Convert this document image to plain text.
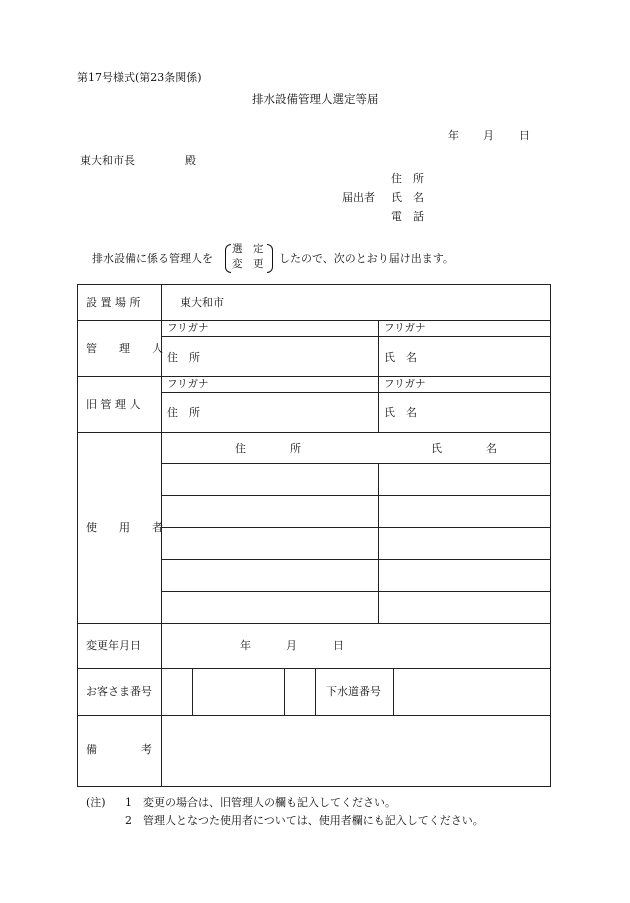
第17号様式(第23条関係)
排水設備管理人選定等届
年 月 日
東大和市長	殿
住　所
届出者 氏　名
電　話
排水設備に係る管理人を
選　定
変　更 したので、次のとおり届け出ます。
設 置 場 所	東大和市
管　　理　　人
フリガナ	フリガナ
住　所	氏　名
旧 管 理 人
フリガナ	フリガナ
住　所	氏　名
使　　用　　者
住　　　　所	氏　　　　名
変更年月日	年	月	日
お客さま番号	下水道番号
備　　　　考
(注) 1 変更の場合は、旧管理人の欄も記入してください。
2 管理人となつた使用者については、使用者欄にも記入してください。
